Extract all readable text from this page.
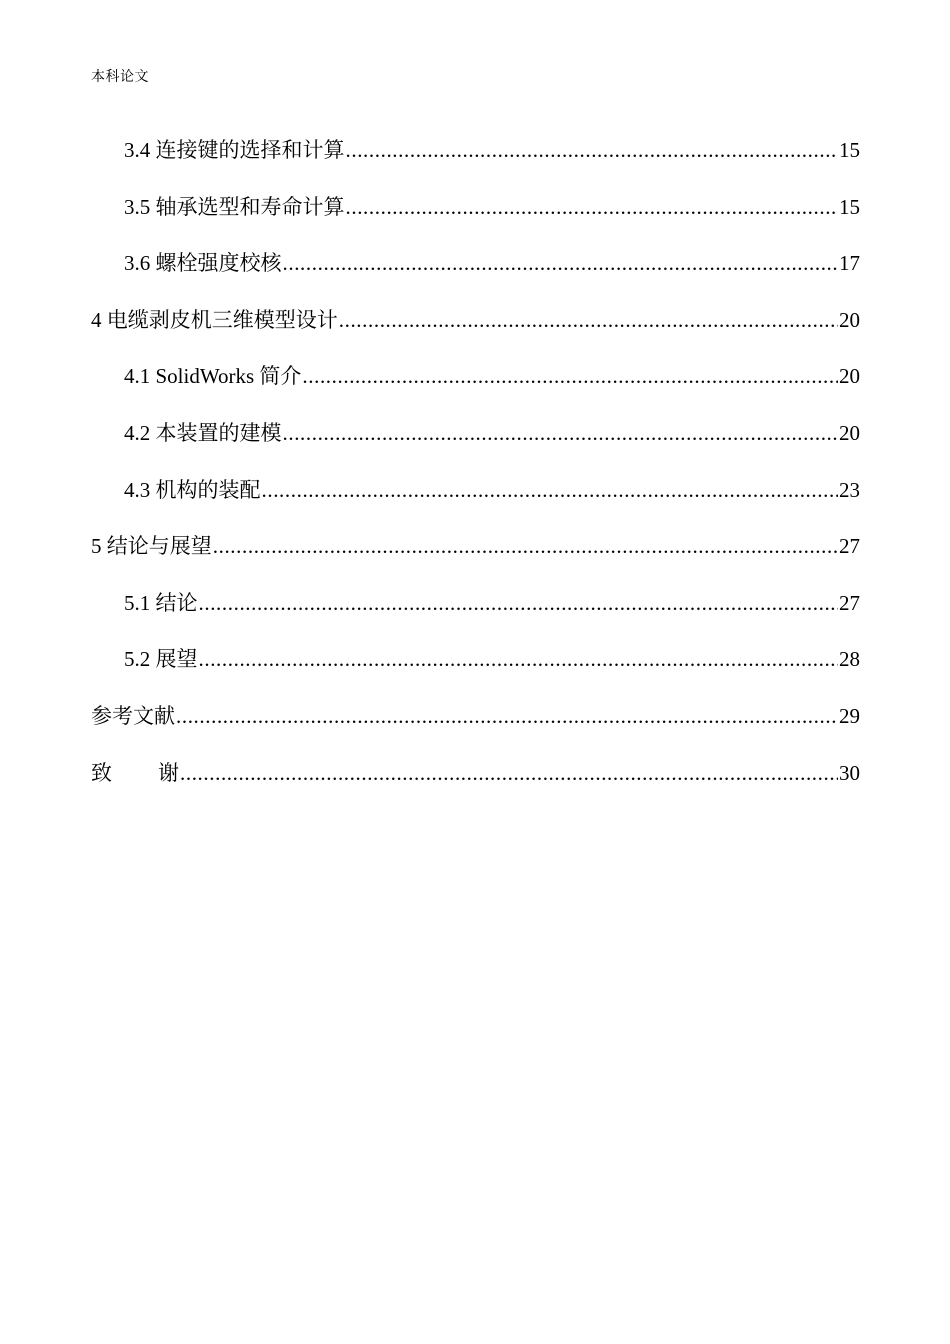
本科论文
3.4 连接键的选择和计算 .....	15
3.5 轴承选型和寿命计算 .....	15
3.6 螺栓强度校核 .....	17
4 电缆剥皮机三维模型设计 .....	20
4.1 SolidWorks 简介 .....	20
4.2 本装置的建模 .....	20
4.3 机构的装配 .....	23
5 结论与展望 .....	27
5.1 结论 .....	27
5.2 展望 .....	28
参考文献 .....	29
致 谢 .....	30
